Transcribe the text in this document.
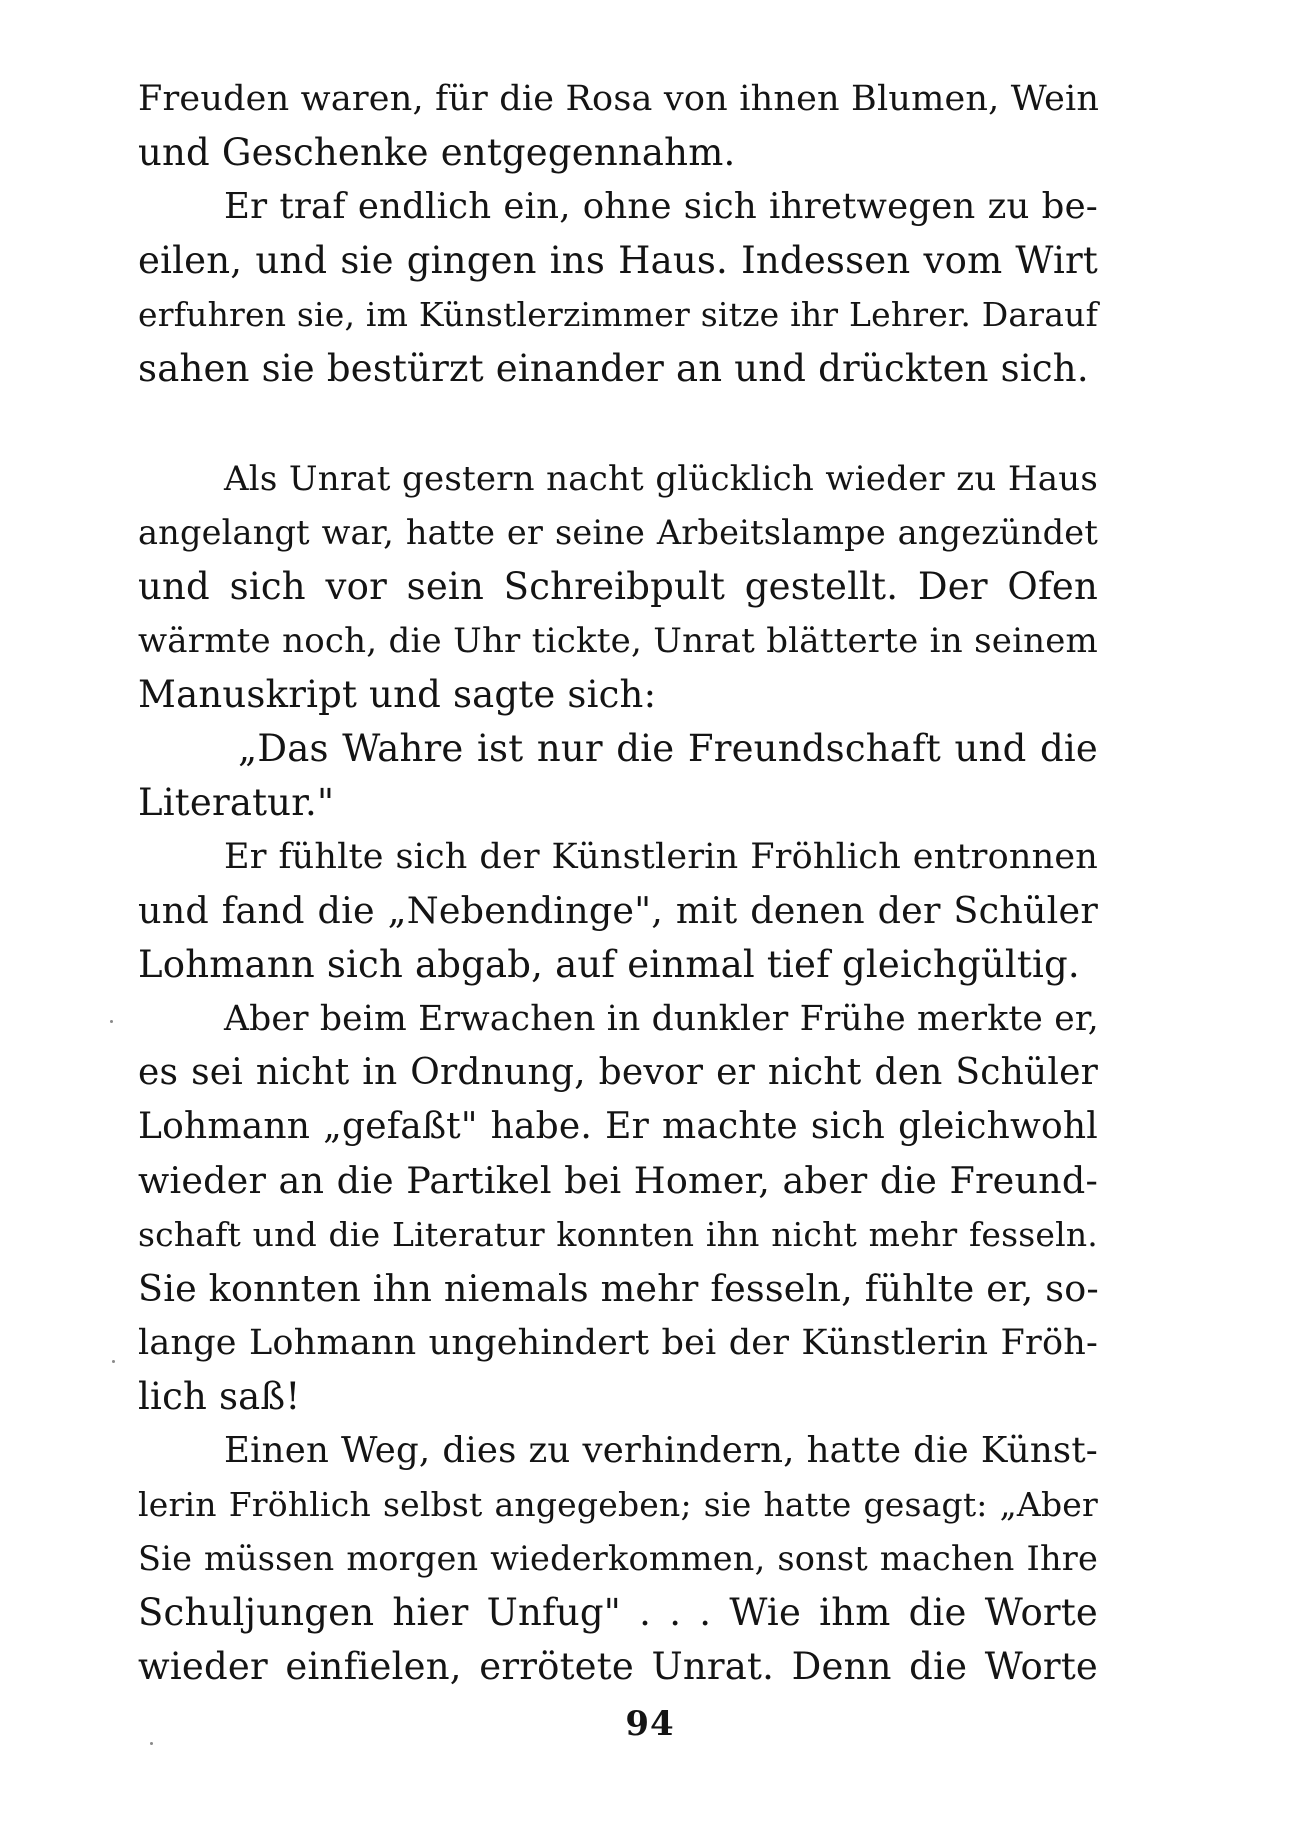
Freuden waren, für die Rosa von ihnen Blumen, Wein
und Geschenke entgegennahm.
Er traf endlich ein, ohne sich ihretwegen zu be-
eilen, und sie gingen ins Haus. Indessen vom Wirt
erfuhren sie, im Künstlerzimmer sitze ihr Lehrer. Darauf
sahen sie bestürzt einander an und drückten sich.
Als Unrat gestern nacht glücklich wieder zu Haus
angelangt war, hatte er seine Arbeitslampe angezündet
und sich vor sein Schreibpult gestellt. Der Ofen
wärmte noch, die Uhr tickte, Unrat blätterte in seinem
Manuskript und sagte sich:
„Das Wahre ist nur die Freundschaft und die
Literatur."
Er fühlte sich der Künstlerin Fröhlich entronnen
und fand die „Nebendinge", mit denen der Schüler
Lohmann sich abgab, auf einmal tief gleichgültig.
Aber beim Erwachen in dunkler Frühe merkte er,
es sei nicht in Ordnung, bevor er nicht den Schüler
Lohmann „gefaßt" habe. Er machte sich gleichwohl
wieder an die Partikel bei Homer, aber die Freund-
schaft und die Literatur konnten ihn nicht mehr fesseln.
Sie konnten ihn niemals mehr fesseln, fühlte er, so-
lange Lohmann ungehindert bei der Künstlerin Fröh-
lich saß!
Einen Weg, dies zu verhindern, hatte die Künst-
lerin Fröhlich selbst angegeben; sie hatte gesagt: „Aber
Sie müssen morgen wiederkommen, sonst machen Ihre
Schuljungen hier Unfug" . . . Wie ihm die Worte
wieder einfielen, errötete Unrat. Denn die Worte
94
